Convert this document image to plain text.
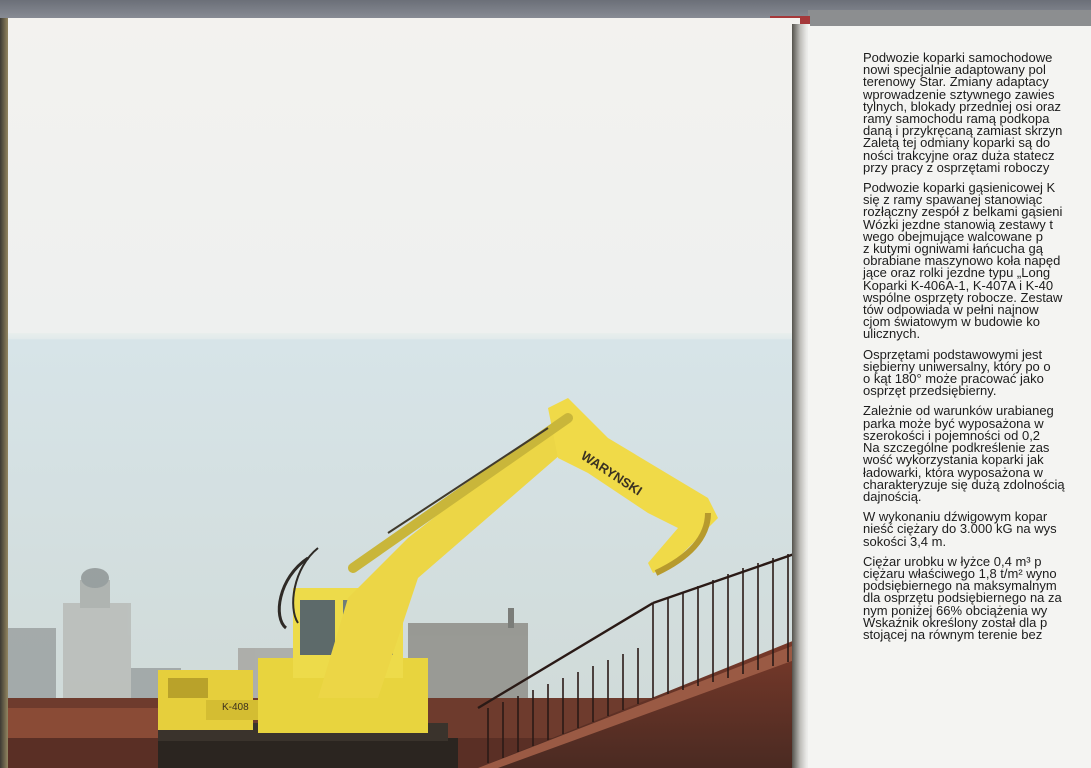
K-408
WARYNSKI

Podwozie koparki samochodowe
nowi specjalnie adaptowany pol
terenowy Star. Zmiany adaptacy
wprowadzenie sztywnego zawies
tylnych, blokady przedniej osi oraz
ramy samochodu ramą podkopa
daną i przykręcaną zamiast skrzyn
Zaletą tej odmiany koparki są do
ności trakcyjne oraz duża statecz
przy pracy z osprzętami roboczy

Podwozie koparki gąsienicowej K
się z ramy spawanej stanowiąc
rozłączny zespół z belkami gąsieni
Wózki jezdne stanowią zestawy t
wego obejmujące walcowane p
z kutymi ogniwami łańcucha gą
obrabiane maszynowo koła napęd
jące oraz rolki jezdne typu „Long
Koparki K-406A-1, K-407A i K-40
wspólne osprzęty robocze. Zestaw
tów odpowiada w pełni najnow
cjom światowym w budowie ko
ulicznych.

Osprzętami podstawowymi jest
siębierny uniwersalny, który po o
o kąt 180° może pracować jako
osprzęt przedsiębierny.

Zależnie od warunków urabianeg
parka może być wyposażona w
szerokości i pojemności od 0,2
Na szczególne podkreślenie zas
wość wykorzystania koparki jak
ładowarki, która wyposażona w
charakteryzuje się dużą zdolnością
dajnością.

W wykonaniu dźwigowym kopar
nieść ciężary do 3.000 kG na wys
sokości 3,4 m.

Ciężar urobku w łyżce 0,4 m³ p
ciężaru właściwego 1,8 t/m² wyno
podsiębiernego na maksymalnym
dla osprzętu podsiębiernego na za
nym poniżej 66% obciążenia wy
Wskaźnik określony został dla p
stojącej na równym terenie bez
